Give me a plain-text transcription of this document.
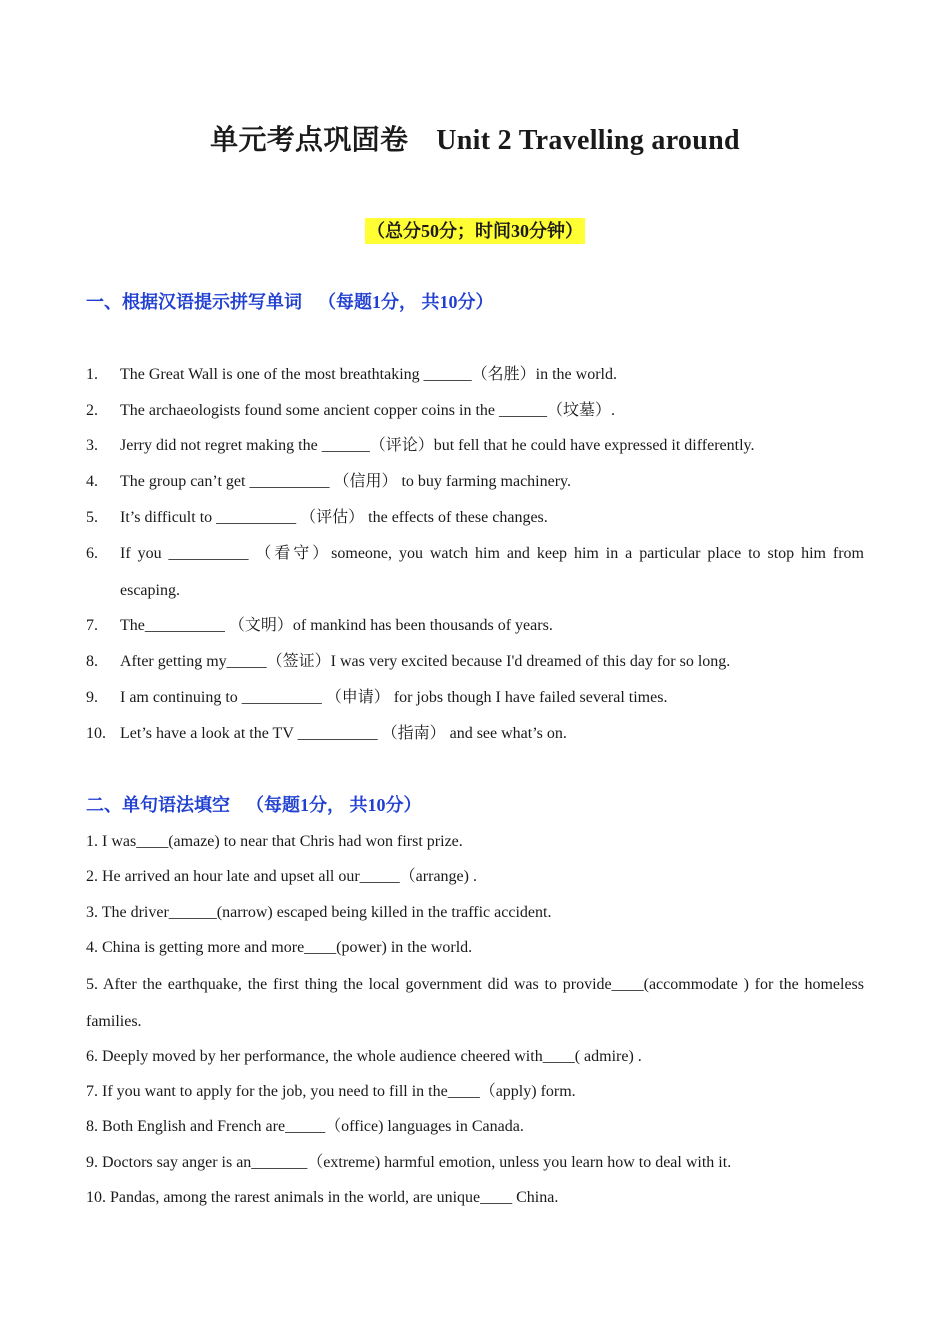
单元考点巩固卷 Unit 2 Travelling around
（总分50分；时间30分钟）
一、根据汉语提示拼写单词 （每题1分， 共10分）
1. The Great Wall is one of the most breathtaking ______（名胜）in the world.
2. The archaeologists found some ancient copper coins in the ______（坟墓）.
3. Jerry did not regret making the ______（评论）but fell that he could have expressed it differently.
4. The group can’t get __________ （信用） to buy farming machinery.
5. It’s difficult to __________ （评估） the effects of these changes.
6. If you __________ （看守）someone, you watch him and keep him in a particular place to stop him from escaping.
7. The__________ （文明）of mankind has been thousands of years.
8. After getting my_____（签证）I was very excited because I'd dreamed of this day for so long.
9. I am continuing to __________ （申请） for jobs though I have failed several times.
10. Let’s have a look at the TV __________ （指南） and see what’s on.
二、单句语法填空 （每题1分， 共10分）
1. I was____(amaze) to near that Chris had won first prize.
2. He arrived an hour late and upset all our_____（arrange) .
3. The driver______(narrow) escaped being killed in the traffic accident.
4. China is getting more and more____(power) in the world.
5. After the earthquake, the first thing the local government did was to provide____(accommodate ) for the homeless families.
6. Deeply moved by her performance, the whole audience cheered with____( admire) .
7. If you want to apply for the job, you need to fill in the____（apply) form.
8. Both English and French are_____（office) languages in Canada.
9. Doctors say anger is an_______（extreme) harmful emotion, unless you learn how to deal with it.
10. Pandas, among the rarest animals in the world, are unique____ China.
